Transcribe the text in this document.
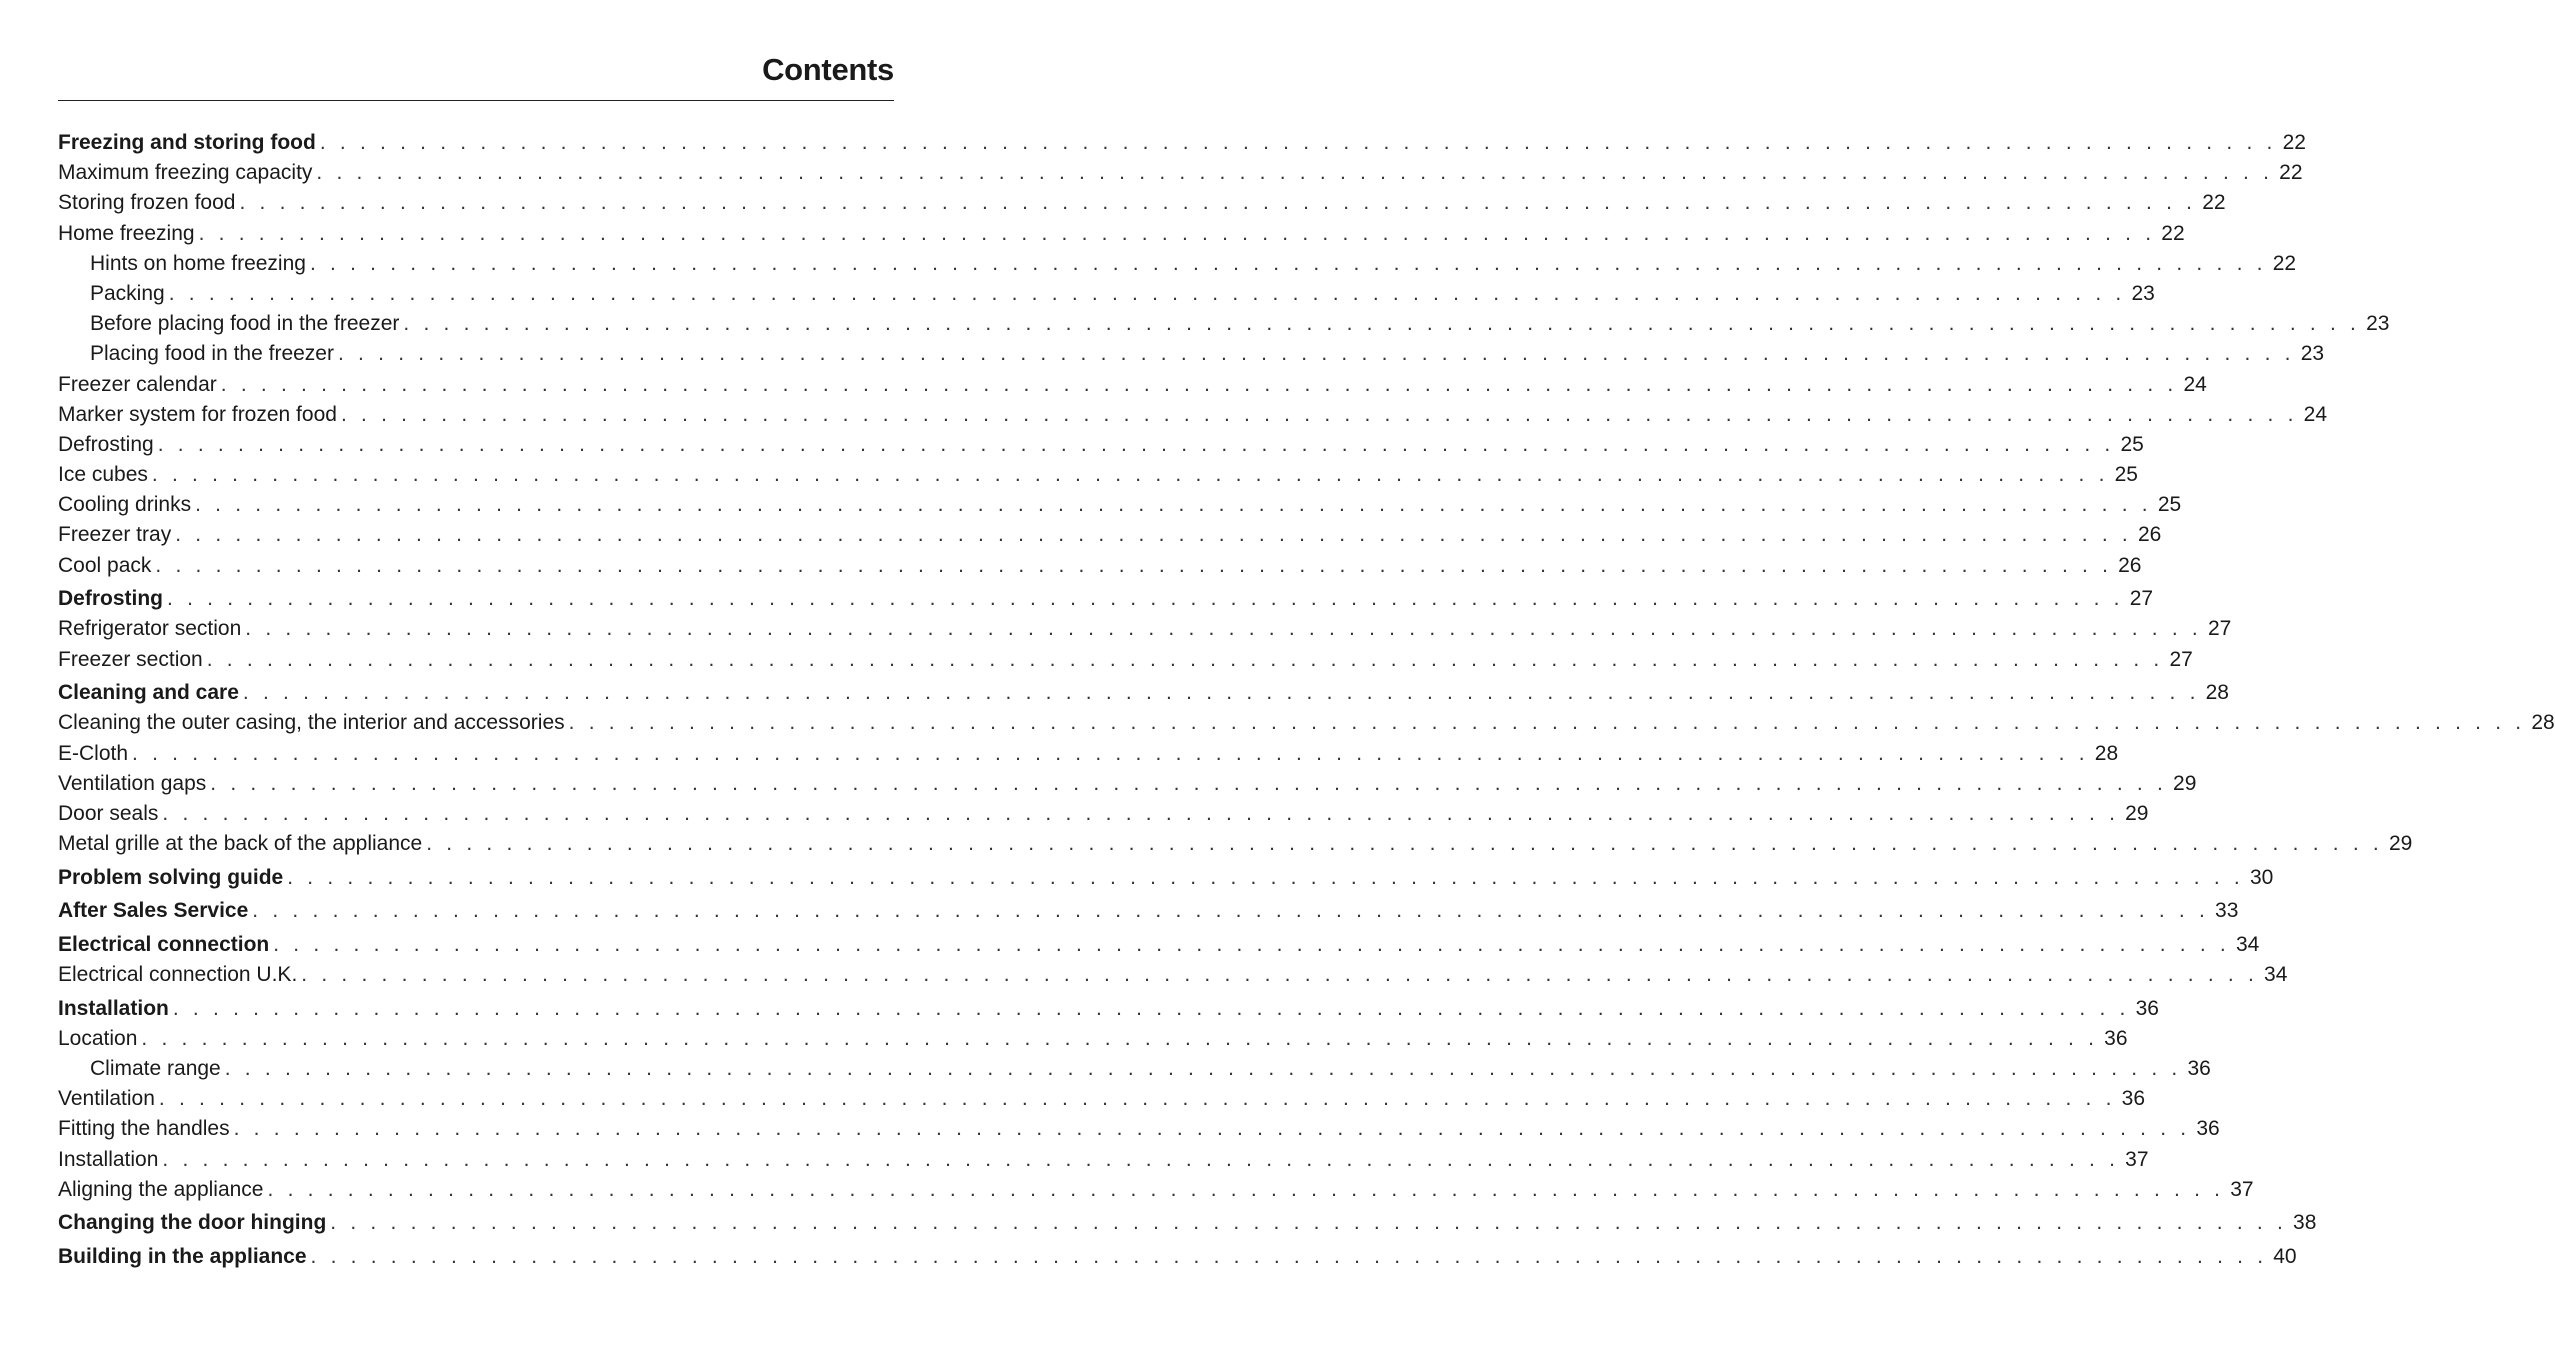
Contents
Freezing and storing food . . . . . . . . . . . . . . . . . . . . . . . . . . . . . . . . . . . . . . . . . . . . . . . . . . . . . . . . . . . . . . . . . . . . . . . . . . . . . . . . . . . . . . . . . . . . . . . . . . 22
Maximum freezing capacity . . . . . . . . . . . . . . . . . . . . . . . . . . . . . . . . . . . . . . . . . . . . . . . . . . . . . . . . . . . . . . . . . . . . . . . . . . . . . . . . . . . . . . . . . . . . . . . . . . 22
Storing frozen food . . . . . . . . . . . . . . . . . . . . . . . . . . . . . . . . . . . . . . . . . . . . . . . . . . . . . . . . . . . . . . . . . . . . . . . . . . . . . . . . . . . . . . . . . . . . . . . . . . 22
Home freezing . . . . . . . . . . . . . . . . . . . . . . . . . . . . . . . . . . . . . . . . . . . . . . . . . . . . . . . . . . . . . . . . . . . . . . . . . . . . . . . . . . . . . . . . . . . . . . . . . . 22
Hints on home freezing . . . . . . . . . . . . . . . . . . . . . . . . . . . . . . . . . . . . . . . . . . . . . . . . . . . . . . . . . . . . . . . . . . . . . . . . . . . . . . . . . . . . . . . . . . . . . . . . . . 22
Packing . . . . . . . . . . . . . . . . . . . . . . . . . . . . . . . . . . . . . . . . . . . . . . . . . . . . . . . . . . . . . . . . . . . . . . . . . . . . . . . . . . . . . . . . . . . . . . . . . . 23
Before placing food in the freezer . . . . . . . . . . . . . . . . . . . . . . . . . . . . . . . . . . . . . . . . . . . . . . . . . . . . . . . . . . . . . . . . . . . . . . . . . . . . . . . . . . . . . . . . . . . . . . . . . . 23
Placing food in the freezer . . . . . . . . . . . . . . . . . . . . . . . . . . . . . . . . . . . . . . . . . . . . . . . . . . . . . . . . . . . . . . . . . . . . . . . . . . . . . . . . . . . . . . . . . . . . . . . . . . 23
Freezer calendar . . . . . . . . . . . . . . . . . . . . . . . . . . . . . . . . . . . . . . . . . . . . . . . . . . . . . . . . . . . . . . . . . . . . . . . . . . . . . . . . . . . . . . . . . . . . . . . . . . 24
Marker system for frozen food . . . . . . . . . . . . . . . . . . . . . . . . . . . . . . . . . . . . . . . . . . . . . . . . . . . . . . . . . . . . . . . . . . . . . . . . . . . . . . . . . . . . . . . . . . . . . . . . . . 24
Defrosting . . . . . . . . . . . . . . . . . . . . . . . . . . . . . . . . . . . . . . . . . . . . . . . . . . . . . . . . . . . . . . . . . . . . . . . . . . . . . . . . . . . . . . . . . . . . . . . . . . 25
Ice cubes . . . . . . . . . . . . . . . . . . . . . . . . . . . . . . . . . . . . . . . . . . . . . . . . . . . . . . . . . . . . . . . . . . . . . . . . . . . . . . . . . . . . . . . . . . . . . . . . . . 25
Cooling drinks . . . . . . . . . . . . . . . . . . . . . . . . . . . . . . . . . . . . . . . . . . . . . . . . . . . . . . . . . . . . . . . . . . . . . . . . . . . . . . . . . . . . . . . . . . . . . . . . . . 25
Freezer tray . . . . . . . . . . . . . . . . . . . . . . . . . . . . . . . . . . . . . . . . . . . . . . . . . . . . . . . . . . . . . . . . . . . . . . . . . . . . . . . . . . . . . . . . . . . . . . . . . . 26
Cool pack . . . . . . . . . . . . . . . . . . . . . . . . . . . . . . . . . . . . . . . . . . . . . . . . . . . . . . . . . . . . . . . . . . . . . . . . . . . . . . . . . . . . . . . . . . . . . . . . . . 26
Defrosting . . . . . . . . . . . . . . . . . . . . . . . . . . . . . . . . . . . . . . . . . . . . . . . . . . . . . . . . . . . . . . . . . . . . . . . . . . . . . . . . . . . . . . . . . . . . . . . . . . 27
Refrigerator section . . . . . . . . . . . . . . . . . . . . . . . . . . . . . . . . . . . . . . . . . . . . . . . . . . . . . . . . . . . . . . . . . . . . . . . . . . . . . . . . . . . . . . . . . . . . . . . . . . 27
Freezer section . . . . . . . . . . . . . . . . . . . . . . . . . . . . . . . . . . . . . . . . . . . . . . . . . . . . . . . . . . . . . . . . . . . . . . . . . . . . . . . . . . . . . . . . . . . . . . . . . . 27
Cleaning and care . . . . . . . . . . . . . . . . . . . . . . . . . . . . . . . . . . . . . . . . . . . . . . . . . . . . . . . . . . . . . . . . . . . . . . . . . . . . . . . . . . . . . . . . . . . . . . . . . . 28
Cleaning the outer casing, the interior and accessories . . . . . . . . . . . . . . . . . . . . . . . . . . . . . . . . . . . . . . . . . . . . . . . . . . . . . . . . . . . . . . . . . . . . . . . . . . . . . . . . . . . . . . . . . . . . . . . . . . 28
E-Cloth . . . . . . . . . . . . . . . . . . . . . . . . . . . . . . . . . . . . . . . . . . . . . . . . . . . . . . . . . . . . . . . . . . . . . . . . . . . . . . . . . . . . . . . . . . . . . . . . . . 28
Ventilation gaps . . . . . . . . . . . . . . . . . . . . . . . . . . . . . . . . . . . . . . . . . . . . . . . . . . . . . . . . . . . . . . . . . . . . . . . . . . . . . . . . . . . . . . . . . . . . . . . . . . 29
Door seals . . . . . . . . . . . . . . . . . . . . . . . . . . . . . . . . . . . . . . . . . . . . . . . . . . . . . . . . . . . . . . . . . . . . . . . . . . . . . . . . . . . . . . . . . . . . . . . . . . 29
Metal grille at the back of the appliance . . . . . . . . . . . . . . . . . . . . . . . . . . . . . . . . . . . . . . . . . . . . . . . . . . . . . . . . . . . . . . . . . . . . . . . . . . . . . . . . . . . . . . . . . . . . . . . . . . 29
Problem solving guide . . . . . . . . . . . . . . . . . . . . . . . . . . . . . . . . . . . . . . . . . . . . . . . . . . . . . . . . . . . . . . . . . . . . . . . . . . . . . . . . . . . . . . . . . . . . . . . . . . 30
After Sales Service . . . . . . . . . . . . . . . . . . . . . . . . . . . . . . . . . . . . . . . . . . . . . . . . . . . . . . . . . . . . . . . . . . . . . . . . . . . . . . . . . . . . . . . . . . . . . . . . . . 33
Electrical connection . . . . . . . . . . . . . . . . . . . . . . . . . . . . . . . . . . . . . . . . . . . . . . . . . . . . . . . . . . . . . . . . . . . . . . . . . . . . . . . . . . . . . . . . . . . . . . . . . . 34
Electrical connection U.K. . . . . . . . . . . . . . . . . . . . . . . . . . . . . . . . . . . . . . . . . . . . . . . . . . . . . . . . . . . . . . . . . . . . . . . . . . . . . . . . . . . . . . . . . . . . . . . . . . . 34
Installation . . . . . . . . . . . . . . . . . . . . . . . . . . . . . . . . . . . . . . . . . . . . . . . . . . . . . . . . . . . . . . . . . . . . . . . . . . . . . . . . . . . . . . . . . . . . . . . . . . 36
Location . . . . . . . . . . . . . . . . . . . . . . . . . . . . . . . . . . . . . . . . . . . . . . . . . . . . . . . . . . . . . . . . . . . . . . . . . . . . . . . . . . . . . . . . . . . . . . . . . . 36
Climate range . . . . . . . . . . . . . . . . . . . . . . . . . . . . . . . . . . . . . . . . . . . . . . . . . . . . . . . . . . . . . . . . . . . . . . . . . . . . . . . . . . . . . . . . . . . . . . . . . . 36
Ventilation . . . . . . . . . . . . . . . . . . . . . . . . . . . . . . . . . . . . . . . . . . . . . . . . . . . . . . . . . . . . . . . . . . . . . . . . . . . . . . . . . . . . . . . . . . . . . . . . . . 36
Fitting the handles . . . . . . . . . . . . . . . . . . . . . . . . . . . . . . . . . . . . . . . . . . . . . . . . . . . . . . . . . . . . . . . . . . . . . . . . . . . . . . . . . . . . . . . . . . . . . . . . . . 36
Installation . . . . . . . . . . . . . . . . . . . . . . . . . . . . . . . . . . . . . . . . . . . . . . . . . . . . . . . . . . . . . . . . . . . . . . . . . . . . . . . . . . . . . . . . . . . . . . . . . . 37
Aligning the appliance . . . . . . . . . . . . . . . . . . . . . . . . . . . . . . . . . . . . . . . . . . . . . . . . . . . . . . . . . . . . . . . . . . . . . . . . . . . . . . . . . . . . . . . . . . . . . . . . . . 37
Changing the door hinging . . . . . . . . . . . . . . . . . . . . . . . . . . . . . . . . . . . . . . . . . . . . . . . . . . . . . . . . . . . . . . . . . . . . . . . . . . . . . . . . . . . . . . . . . . . . . . . . . . 38
Building in the appliance . . . . . . . . . . . . . . . . . . . . . . . . . . . . . . . . . . . . . . . . . . . . . . . . . . . . . . . . . . . . . . . . . . . . . . . . . . . . . . . . . . . . . . . . . . . . . . . . . . 40
